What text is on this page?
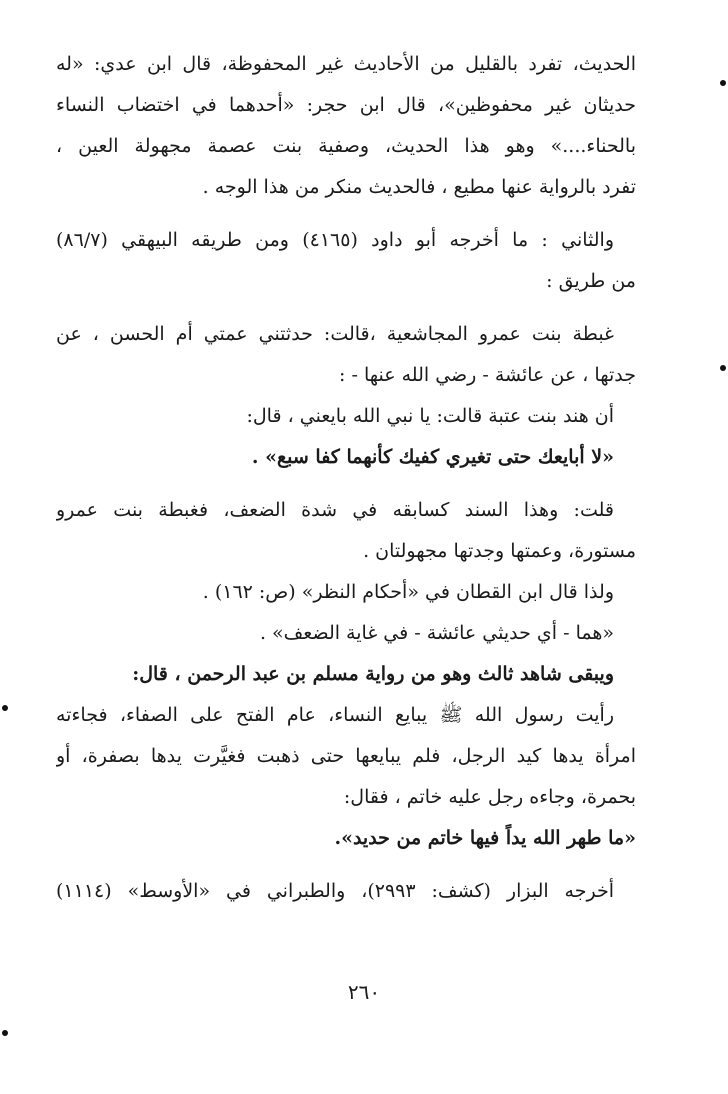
الحديث، تفرد بالقليل من الأحاديث غير المحفوظة، قال ابن عدي: «له
حديثان غير محفوظين»، قال ابن حجر: «أحدهما في اختضاب النساء
بالحناء....» وهو هذا الحديث، وصفية بنت عصمة مجهولة العين ،
تفرد بالرواية عنها مطيع ، فالحديث منكر من هذا الوجه .
والثاني : ما أخرجه أبو داود (٤١٦٥) ومن طريقه البيهقي (٨٦/٧)
من طريق :
غبطة بنت عمرو المجاشعية ،قالت: حدثتني عمتي أم الحسن ، عن
جدتها ، عن عائشة - رضي الله عنها - :
أن هند بنت عتبة قالت: يا نبي الله بايعني ، قال:
«لا أبايعك حتى تغيري كفيك كأنهما كفا سبع» .
قلت: وهذا السند كسابقه في شدة الضعف، فغبطة بنت عمرو
مستورة، وعمتها وجدتها مجهولتان .
ولذا قال ابن القطان في «أحكام النظر» (ص: ١٦٢) .
«هما - أي حديثي عائشة - في غاية الضعف» .
ويبقى شاهد ثالث وهو من رواية مسلم بن عبد الرحمن ، قال:
رأيت رسول الله ﷺ يبايع النساء، عام الفتح على الصفاء، فجاءته
امرأة يدها كيد الرجل، فلم يبايعها حتى ذهبت فغيَّرت يدها بصفرة، أو
بحمرة، وجاءه رجل عليه خاتم ، فقال:
«ما طهر الله يداً فيها خاتم من حديد».
أخرجه البزار (كشف: ٢٩٩٣)، والطبراني في «الأوسط» (١١١٤)
٢٦٠
